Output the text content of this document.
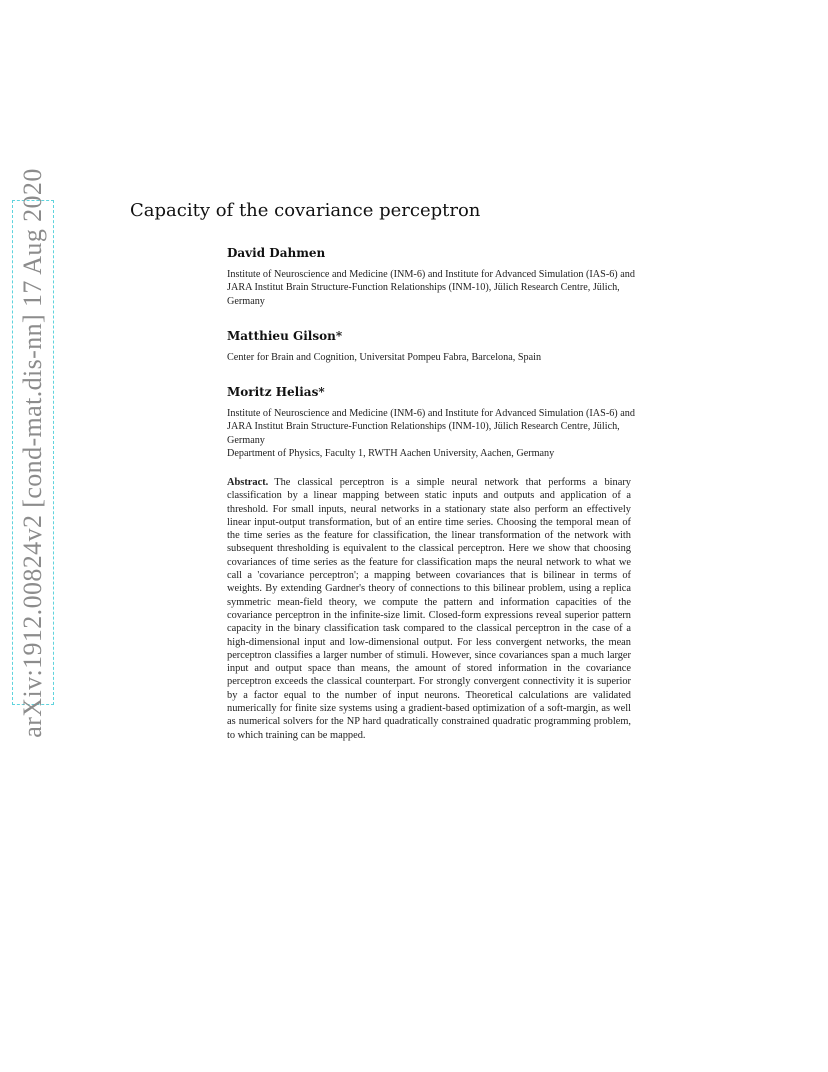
arXiv:1912.00824v2 [cond-mat.dis-nn] 17 Aug 2020	Capacity of the covariance perceptron
David Dahmen

Institute of Neuroscience and Medicine (INM-6) and Institute for Advanced Simulation (IAS-6) and JARA Institut Brain Structure-Function Relationships (INM-10), Jülich Research Centre, Jülich, Germany

Matthieu Gilson*

Center for Brain and Cognition, Universitat Pompeu Fabra, Barcelona, Spain

Moritz Helias*

Institute of Neuroscience and Medicine (INM-6) and Institute for Advanced Simulation (IAS-6) and JARA Institut Brain Structure-Function Relationships (INM-10), Jülich Research Centre, Jülich, Germany

Department of Physics, Faculty 1, RWTH Aachen University, Aachen, Germany

Abstract. The classical perceptron is a simple neural network that performs a binary classification by a linear mapping between static inputs and outputs and application of a threshold. For small inputs, neural networks in a stationary state also perform an effectively linear input-output transformation, but of an entire time series. Choosing the temporal mean of the time series as the feature for classification, the linear transformation of the network with subsequent thresholding is equivalent to the classical perceptron. Here we show that choosing covariances of time series as the feature for classification maps the neural network to what we call a 'covariance perceptron'; a mapping between covariances that is bilinear in terms of weights. By extending Gardner's theory of connections to this bilinear problem, using a replica symmetric mean-field theory, we compute the pattern and information capacities of the covariance perceptron in the infinite-size limit. Closed-form expressions reveal superior pattern capacity in the binary classification task compared to the classical perceptron in the case of a high-dimensional input and low-dimensional output. For less convergent networks, the mean perceptron classifies a larger number of stimuli. However, since covariances span a much larger input and output space than means, the amount of stored information in the covariance perceptron exceeds the classical counterpart. For strongly convergent connectivity it is superior by a factor equal to the number of input neurons. Theoretical calculations are validated numerically for finite size systems using a gradient-based optimization of a soft-margin, as well as numerical solvers for the NP hard quadratically constrained quadratic programming problem, to which training can be mapped.
